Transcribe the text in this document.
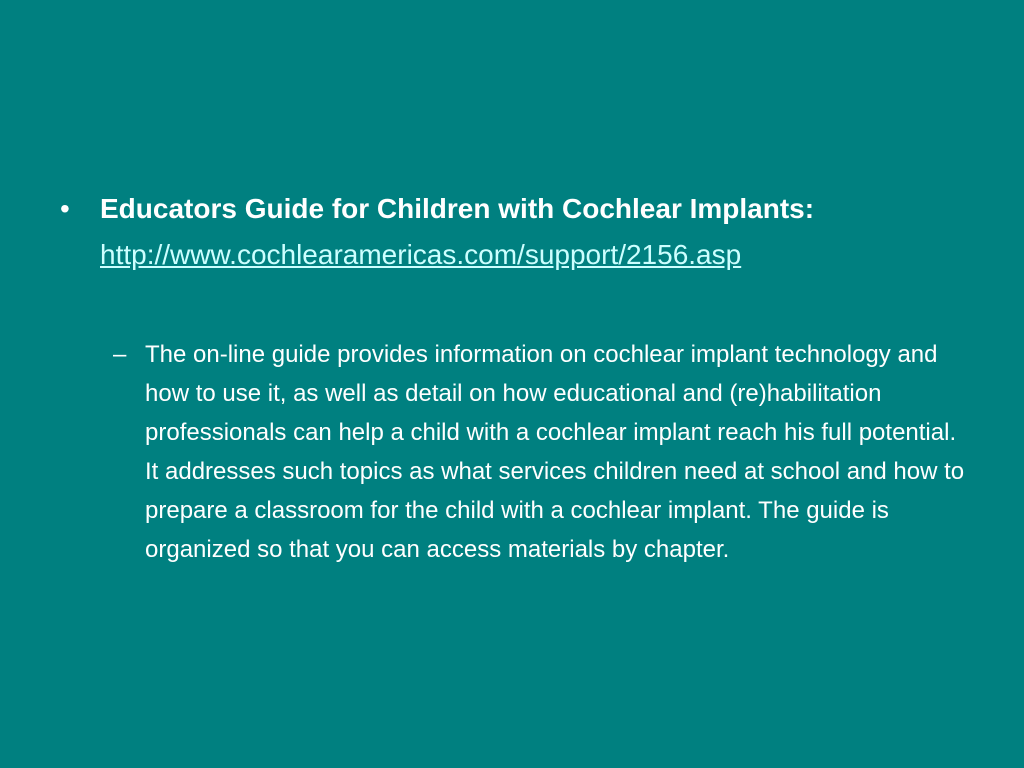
• Educators Guide for Children with Cochlear Implants:
http://www.cochlearamericas.com/support/2156.asp
– The on-line guide provides information on cochlear implant technology and how to use it, as well as detail on how educational and (re)habilitation professionals can help a child with a cochlear implant reach his full potential. It addresses such topics as what services children need at school and how to prepare a classroom for the child with a cochlear implant. The guide is organized so that you can access materials by chapter.
